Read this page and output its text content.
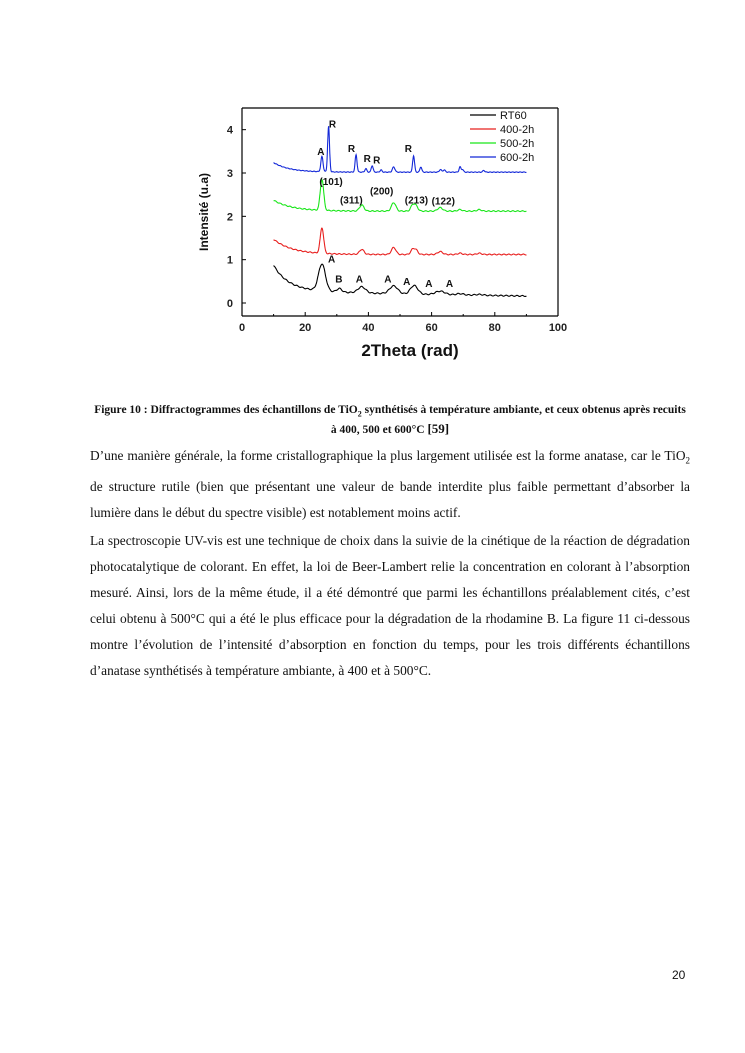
0	20	40	60	80	100
0
1
2
3
4
2Theta (rad)
Intensité (u.a)
R
A R
R R
R
(101)
(311)
(200)
(213) (122)
A
B A A A A A
RT60
400-2h
500-2h
600-2h
Figure 10 : Diffractogrammes des échantillons de TiO$_2$ synthétisés à température ambiante, et ceux obtenus après recuits à 400, 500 et 600°C [59]

D’une manière générale, la forme cristallographique la plus largement utilisée est la forme anatase, car le TiO$_2$ de structure rutile (bien que présentant une valeur de bande interdite plus faible permettant d’absorber la lumière dans le début du spectre visible) est notablement moins actif.

La spectroscopie UV-vis est une technique de choix dans la suivie de la cinétique de la réaction de dégradation photocatalytique de colorant. En effet, la loi de Beer-Lambert relie la concentration en colorant à l’absorption mesuré. Ainsi, lors de la même étude, il a été démontré que parmi les échantillons préalablement cités, c’est celui obtenu à 500°C qui a été le plus efficace pour la dégradation de la rhodamine B. La figure 11 ci-dessous montre l’évolution de l’intensité d’absorption en fonction du temps, pour les trois différents échantillons d’anatase synthétisés à température ambiante, à 400 et à 500°C.

20
